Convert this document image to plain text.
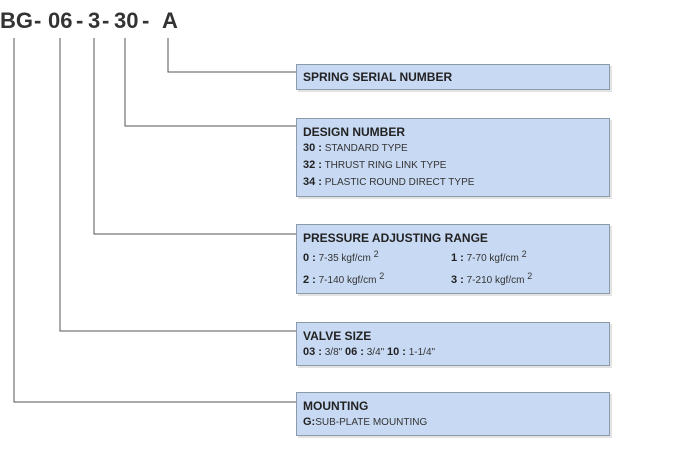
BG - 06 - 3 - 30 - A
SPRING SERIAL NUMBER
DESIGN NUMBER
30 : STANDARD TYPE
32 : THRUST RING LINK TYPE
34 : PLASTIC ROUND DIRECT TYPE
PRESSURE ADJUSTING RANGE
0 : 7-35 kgf/cm $^2$	1 : 7-70 kgf/cm $^2$
2 : 7-140 kgf/cm $^2$	3 : 7-210 kgf/cm $^2$
VALVE SIZE
03 : 3/8" 06 : 3/4" 10 : 1-1/4"
MOUNTING
G:SUB-PLATE MOUNTING
